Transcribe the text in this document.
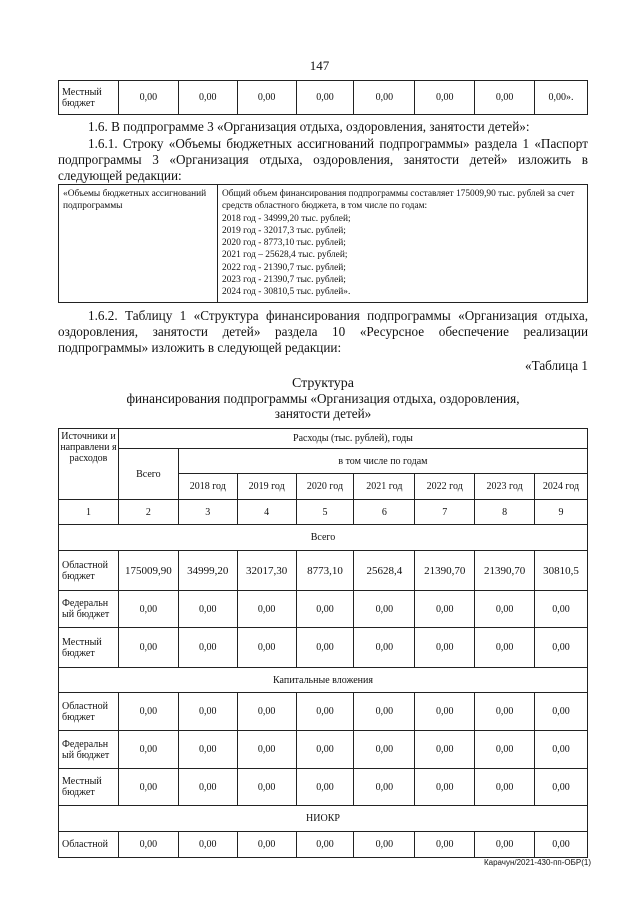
147
Местный бюджет	0,00	0,00	0,00	0,00	0,00	0,00	0,00	0,00».
1.6. В подпрограмме 3 «Организация отдыха, оздоровления, занятости детей»:
1.6.1. Строку «Объемы бюджетных ассигнований подпрограммы» раздела 1 «Паспорт подпрограммы 3 «Организация отдыха, оздоровления, занятости детей» изложить в следующей редакции:
«Объемы бюджетных ассигнований подпрограммы	
Общий объем финансирования подпрограммы составляет 175009,90 тыс. рублей за счет средств областного бюджета, в том числе по годам:
2018 год - 34999,20 тыс. рублей;
2019 год - 32017,3 тыс. рублей;
2020 год - 8773,10 тыс. рублей;
2021 год – 25628,4 тыс. рублей;
2022 год - 21390,7 тыс. рублей;
2023 год - 21390,7 тыс. рублей;
2024 год - 30810,5 тыс. рублей».
1.6.2. Таблицу 1 «Структура финансирования подпрограммы «Организация отдыха, оздоровления, занятости детей» раздела 10 «Ресурсное обеспечение реализации подпрограммы» изложить в следующей редакции:
«Таблица 1
Структура
финансирования подпрограммы «Организация отдыха, оздоровления,
занятости детей»
Источники и направлени я расходов	Расходы (тыс. рублей), годы							
	Всего	в том числе по годам						
		2018 год	2019 год	2020 год	2021 год	2022 год	2023 год	2024 год
1	2	3	4	5	6	7	8	9
Всего								
Областной бюджет	175009,90	34999,20	32017,30	8773,10	25628,4	21390,70	21390,70	30810,5
Федеральн ый бюджет	0,00	0,00	0,00	0,00	0,00	0,00	0,00	0,00
Местный бюджет	0,00	0,00	0,00	0,00	0,00	0,00	0,00	0,00
Капитальные вложения								
Областной бюджет	0,00	0,00	0,00	0,00	0,00	0,00	0,00	0,00
Федеральн ый бюджет	0,00	0,00	0,00	0,00	0,00	0,00	0,00	0,00
Местный бюджет	0,00	0,00	0,00	0,00	0,00	0,00	0,00	0,00
НИОКР								
Областной	0,00	0,00	0,00	0,00	0,00	0,00	0,00	0,00
Карачун/2021-430-пп-ОБР(1)
